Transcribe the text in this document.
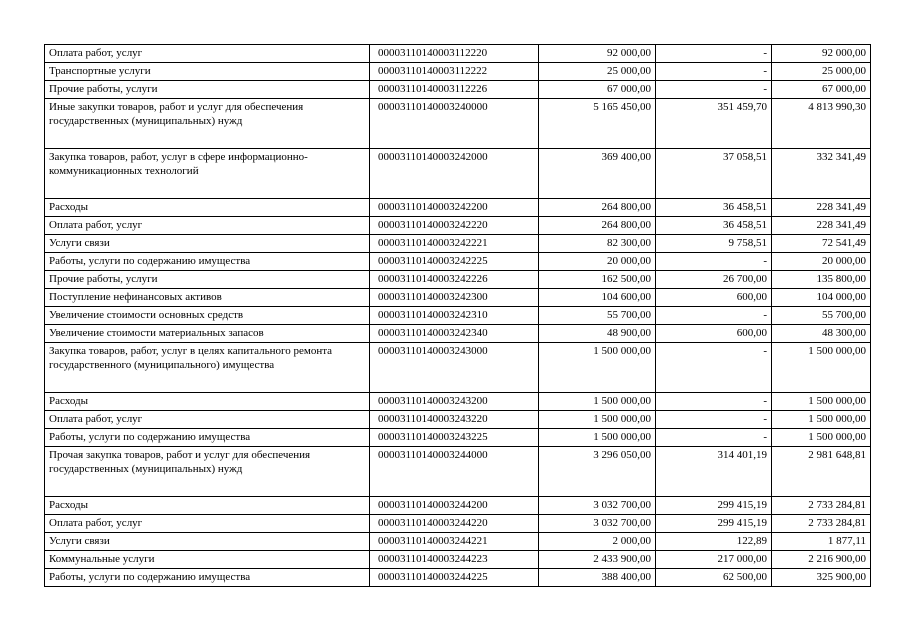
Оплата работ, услуг	00003110140003112220	92 000,00	-	92 000,00
Транспортные услуги	00003110140003112222	25 000,00	-	25 000,00
Прочие работы, услуги	00003110140003112226	67 000,00	-	67 000,00
Иные закупки товаров, работ и услуг для обеспечения государственных (муниципальных) нужд	00003110140003240000	5 165 450,00	351 459,70	4 813 990,30
Закупка товаров, работ, услуг в сфере информационно-коммуникационных технологий	00003110140003242000	369 400,00	37 058,51	332 341,49
Расходы	00003110140003242200	264 800,00	36 458,51	228 341,49
Оплата работ, услуг	00003110140003242220	264 800,00	36 458,51	228 341,49
Услуги связи	00003110140003242221	82 300,00	9 758,51	72 541,49
Работы, услуги по содержанию имущества	00003110140003242225	20 000,00	-	20 000,00
Прочие работы, услуги	00003110140003242226	162 500,00	26 700,00	135 800,00
Поступление нефинансовых активов	00003110140003242300	104 600,00	600,00	104 000,00
Увеличение стоимости основных средств	00003110140003242310	55 700,00	-	55 700,00
Увеличение стоимости материальных запасов	00003110140003242340	48 900,00	600,00	48 300,00
Закупка товаров, работ, услуг в целях капитального ремонта государственного (муниципального) имущества	00003110140003243000	1 500 000,00	-	1 500 000,00
Расходы	00003110140003243200	1 500 000,00	-	1 500 000,00
Оплата работ, услуг	00003110140003243220	1 500 000,00	-	1 500 000,00
Работы, услуги по содержанию имущества	00003110140003243225	1 500 000,00	-	1 500 000,00
Прочая закупка товаров, работ и услуг для обеспечения государственных (муниципальных) нужд	00003110140003244000	3 296 050,00	314 401,19	2 981 648,81
Расходы	00003110140003244200	3 032 700,00	299 415,19	2 733 284,81
Оплата работ, услуг	00003110140003244220	3 032 700,00	299 415,19	2 733 284,81
Услуги связи	00003110140003244221	2 000,00	122,89	1 877,11
Коммунальные услуги	00003110140003244223	2 433 900,00	217 000,00	2 216 900,00
Работы, услуги по содержанию имущества	00003110140003244225	388 400,00	62 500,00	325 900,00
